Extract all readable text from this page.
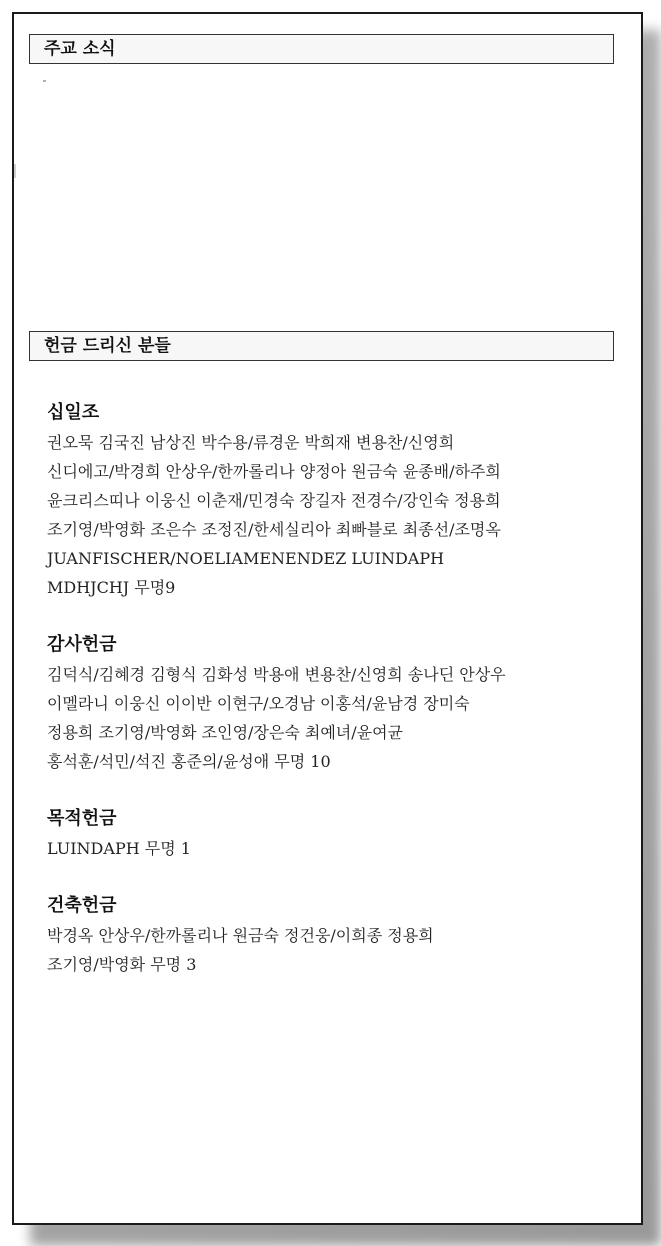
주교 소식
헌금 드리신 분들
십일조
권오묵 김국진 남상진 박수용/류경운 박희재 변용찬/신영희
신디에고/박경희 안상우/한까롤리나 양정아 원금숙 윤종배/하주희
윤크리스띠나 이웅신 이춘재/민경숙 장길자 전경수/강인숙 정용희
조기영/박영화 조은수 조정진/한세실리아 최빠블로 최종선/조명옥
JUANFISCHER/NOELIAMENENDEZ LUINDAPH
MDHJCHJ 무명9
감사헌금
김덕식/김혜경 김형식 김화성 박용애 변용찬/신영희 송나딘 안상우
이멜라니 이웅신 이이반 이현구/오경남 이홍석/윤남경 장미숙
정용희 조기영/박영화 조인영/장은숙 최예녀/윤여균
홍석훈/석민/석진 홍준의/윤성애 무명 10
목적헌금
LUINDAPH 무명 1
건축헌금
박경옥 안상우/한까롤리나 원금숙 정건웅/이희종 정용희
조기영/박영화 무명 3
